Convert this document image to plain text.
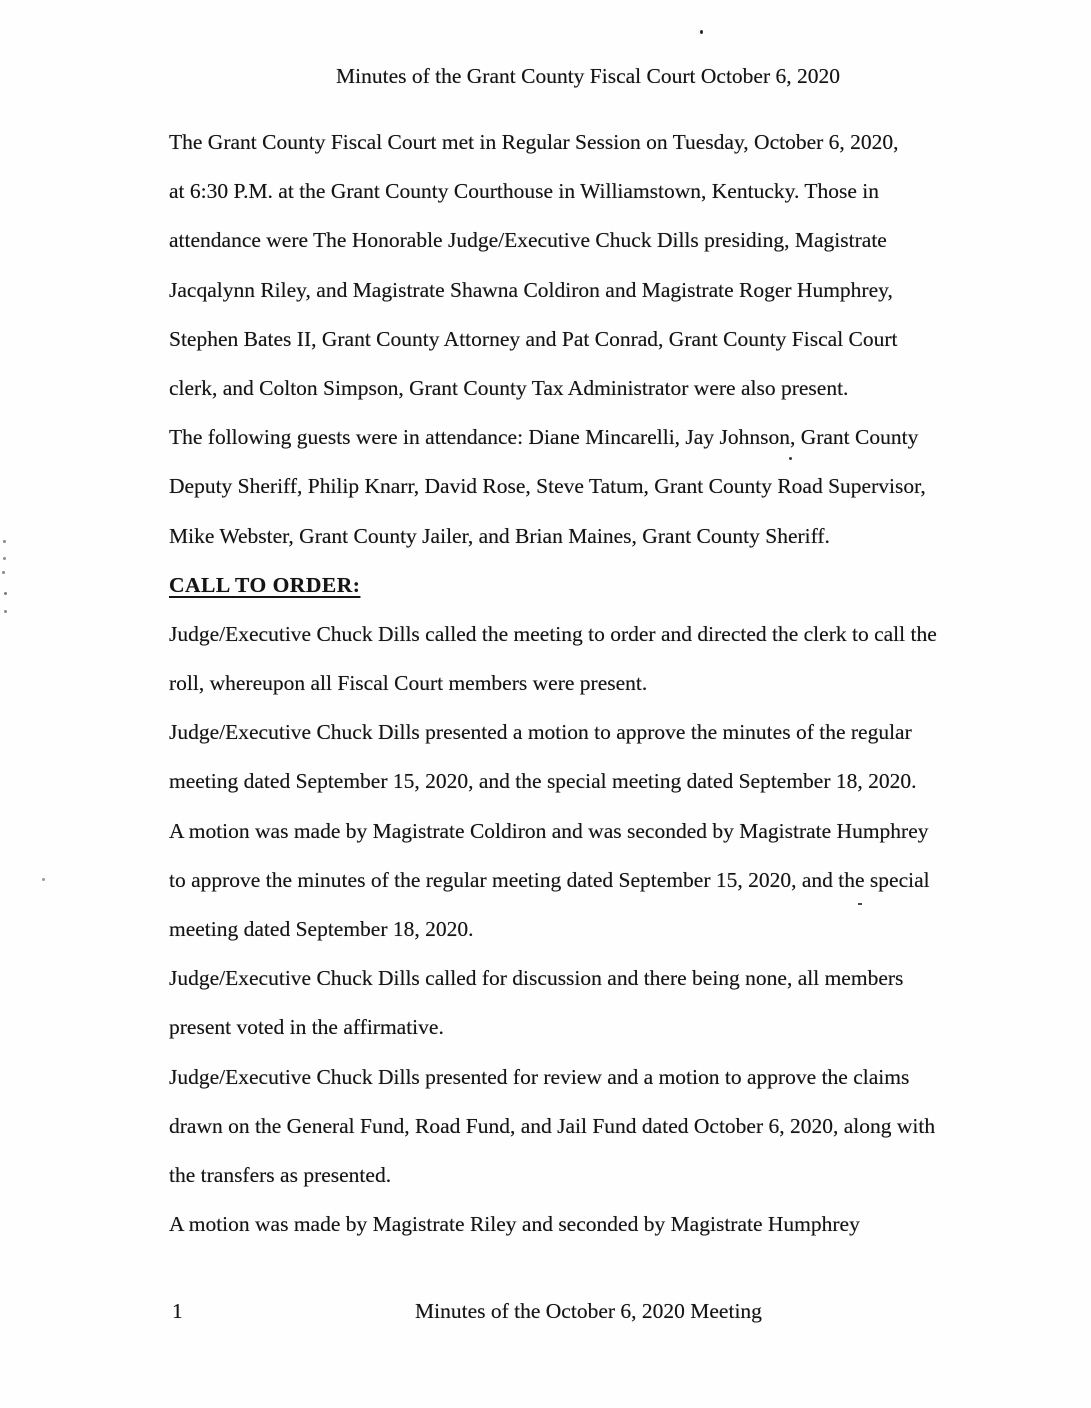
Minutes of the Grant County Fiscal Court October 6, 2020
The Grant County Fiscal Court met in Regular Session on Tuesday, October 6, 2020,
at 6:30 P.M. at the Grant County Courthouse in Williamstown, Kentucky. Those in
attendance were The Honorable Judge/Executive Chuck Dills presiding, Magistrate
Jacqalynn Riley, and Magistrate Shawna Coldiron and Magistrate Roger Humphrey,
Stephen Bates II, Grant County Attorney and Pat Conrad, Grant County Fiscal Court
clerk, and Colton Simpson, Grant County Tax Administrator were also present.
The following guests were in attendance: Diane Mincarelli, Jay Johnson, Grant County
Deputy Sheriff, Philip Knarr, David Rose, Steve Tatum, Grant County Road Supervisor,
Mike Webster, Grant County Jailer, and Brian Maines, Grant County Sheriff.
CALL TO ORDER:
Judge/Executive Chuck Dills called the meeting to order and directed the clerk to call the
roll, whereupon all Fiscal Court members were present.
Judge/Executive Chuck Dills presented a motion to approve the minutes of the regular
meeting dated September 15, 2020, and the special meeting dated September 18, 2020.
A motion was made by Magistrate Coldiron and was seconded by Magistrate Humphrey
to approve the minutes of the regular meeting dated September 15, 2020, and the special
meeting dated September 18, 2020.
Judge/Executive Chuck Dills called for discussion and there being none, all members
present voted in the affirmative.
Judge/Executive Chuck Dills presented for review and a motion to approve the claims
drawn on the General Fund, Road Fund, and Jail Fund dated October 6, 2020, along with
the transfers as presented.
A motion was made by Magistrate Riley and seconded by Magistrate Humphrey
1	Minutes of the October 6, 2020 Meeting
